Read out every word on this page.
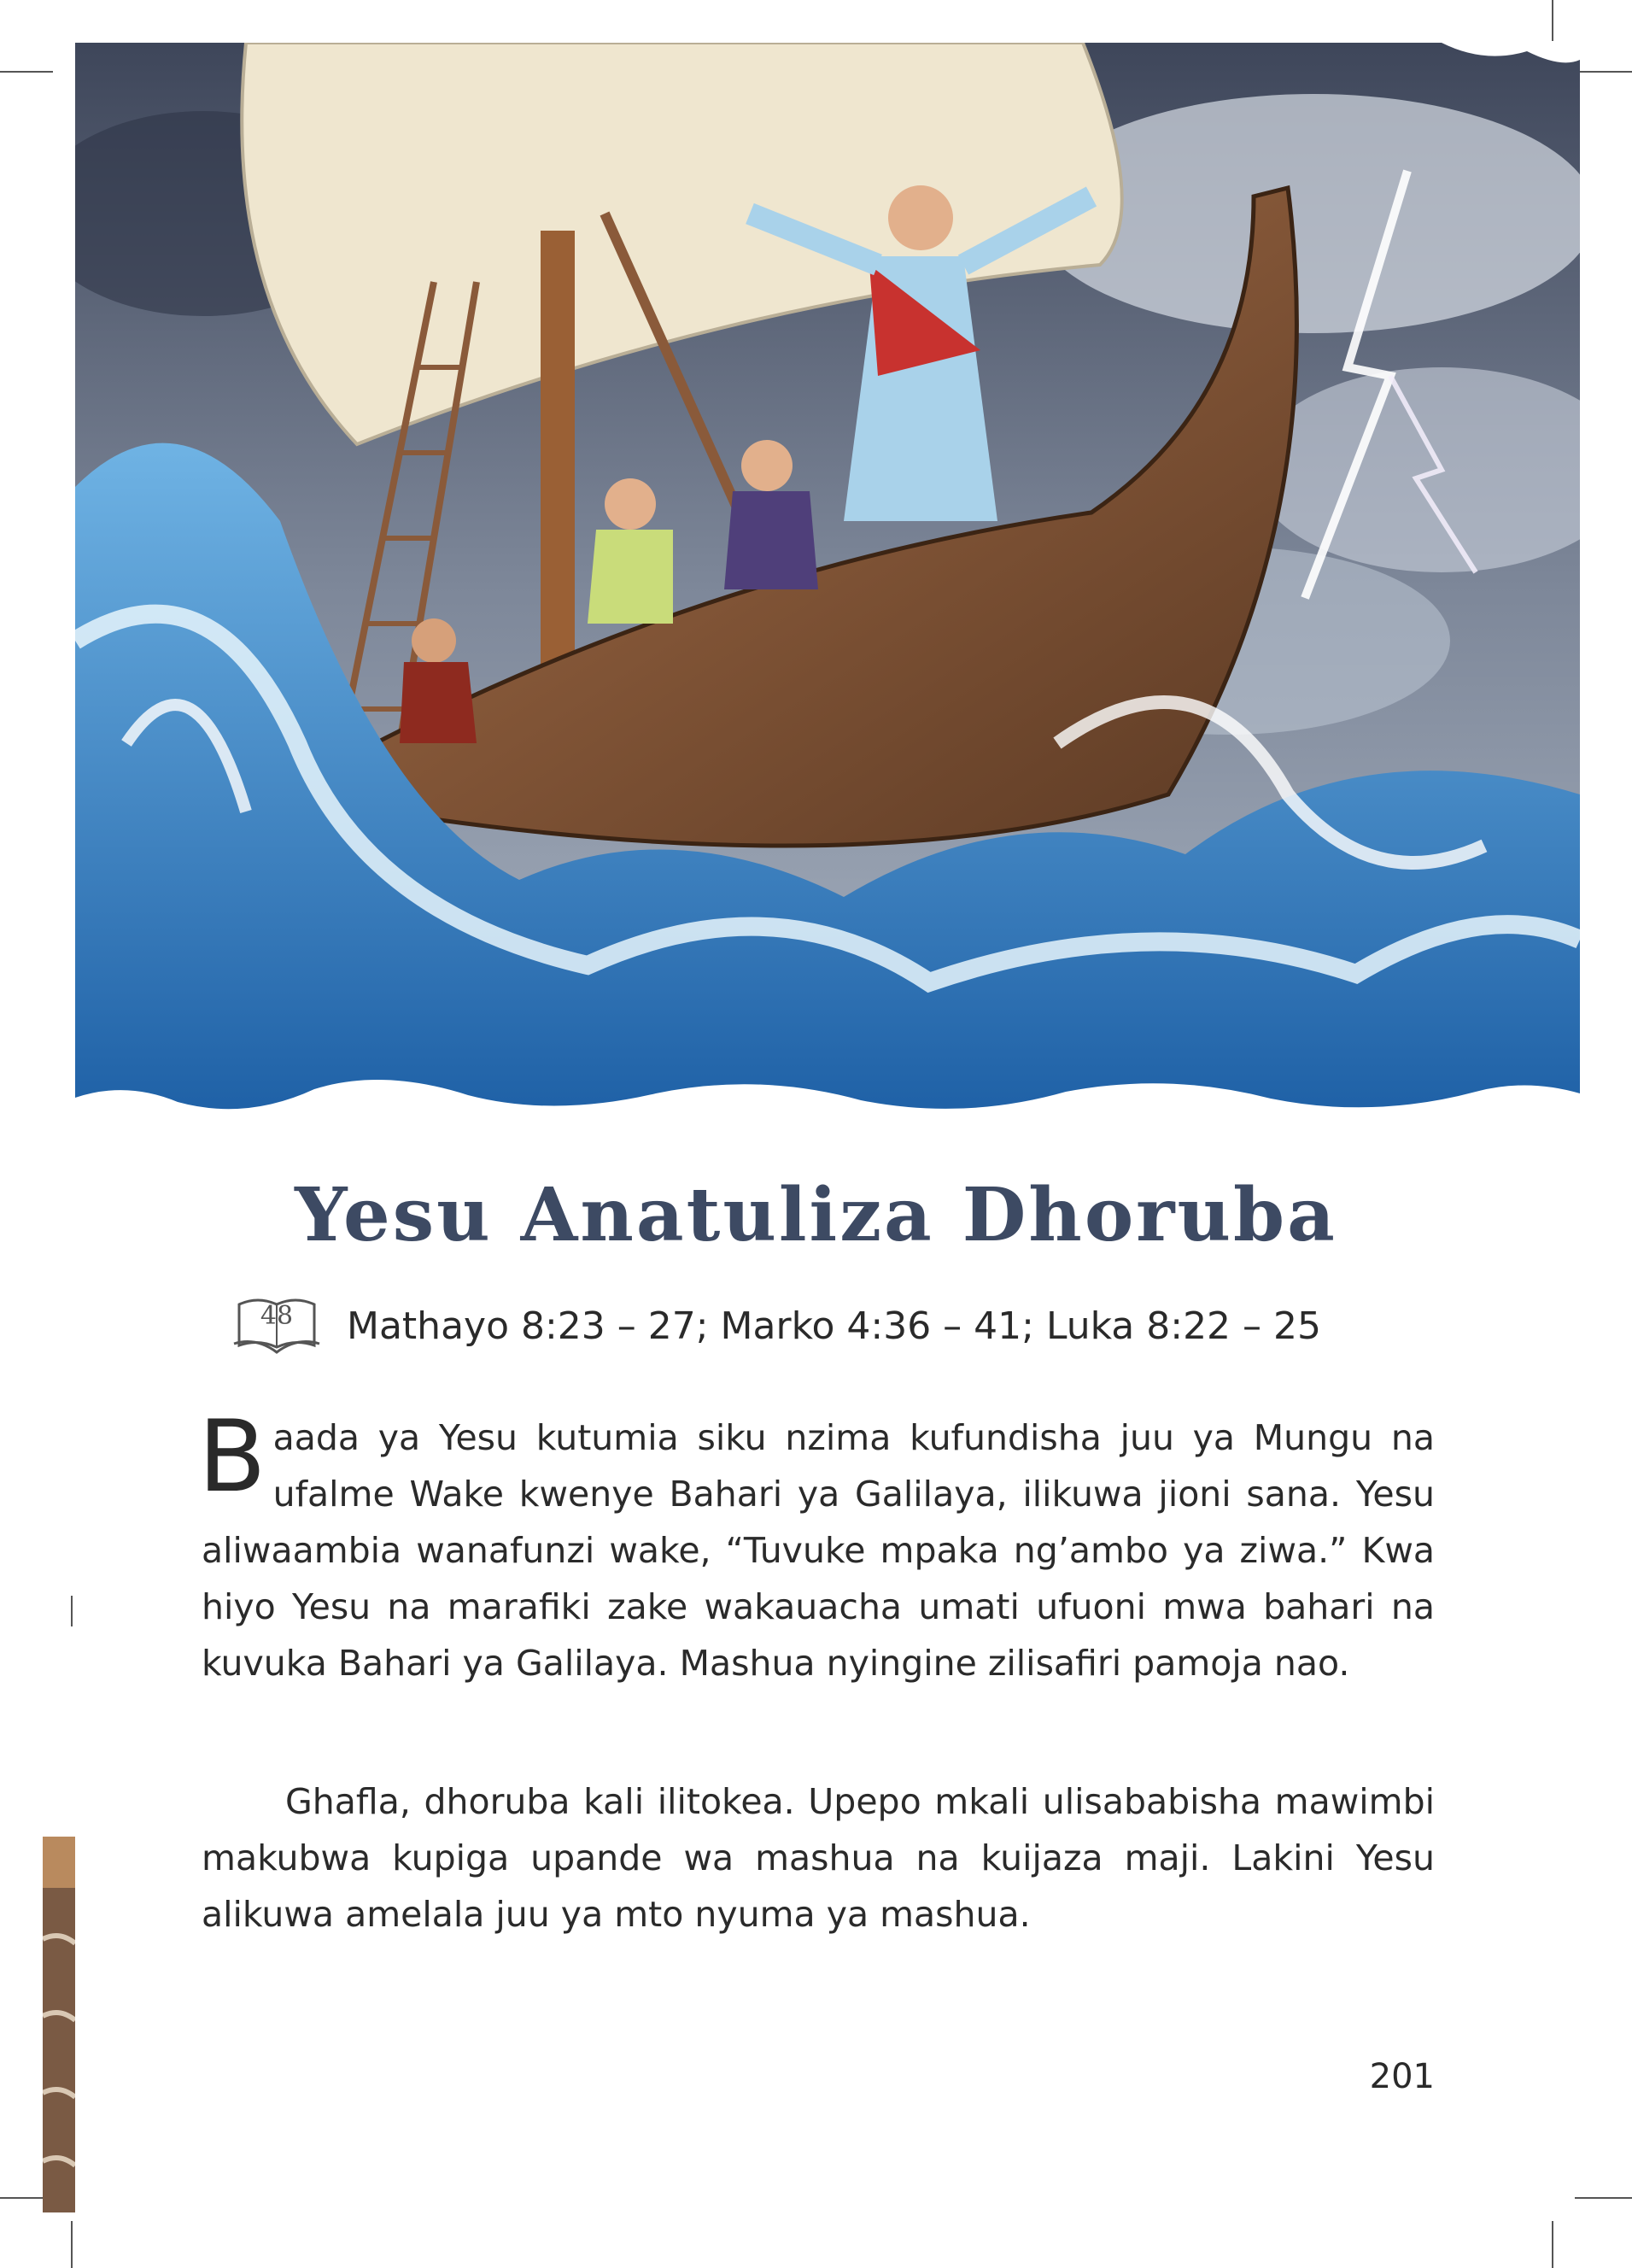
Yesu Anatuliza Dhoruba
48	Mathayo 8:23 – 27; Marko 4:36 – 41; Luka 8:22 – 25

Baada ya Yesu kutumia siku nzima kufundisha juu ya Mungu na ufalme Wake kwenye Bahari ya Galilaya, ilikuwa jioni sana. Yesu aliwaambia wanafunzi wake, “Tuvuke mpaka ng’ambo ya ziwa.” Kwa hiyo Yesu na marafiki zake wakauacha umati ufuoni mwa bahari na kuvuka Bahari ya Galilaya. Mashua nyingine zilisafiri pamoja nao.

Ghafla, dhoruba kali ilitokea. Upepo mkali ulisababisha mawimbi makubwa kupiga upande wa mashua na kuijaza maji. Lakini Yesu alikuwa amelala juu ya mto nyuma ya mashua.

201
